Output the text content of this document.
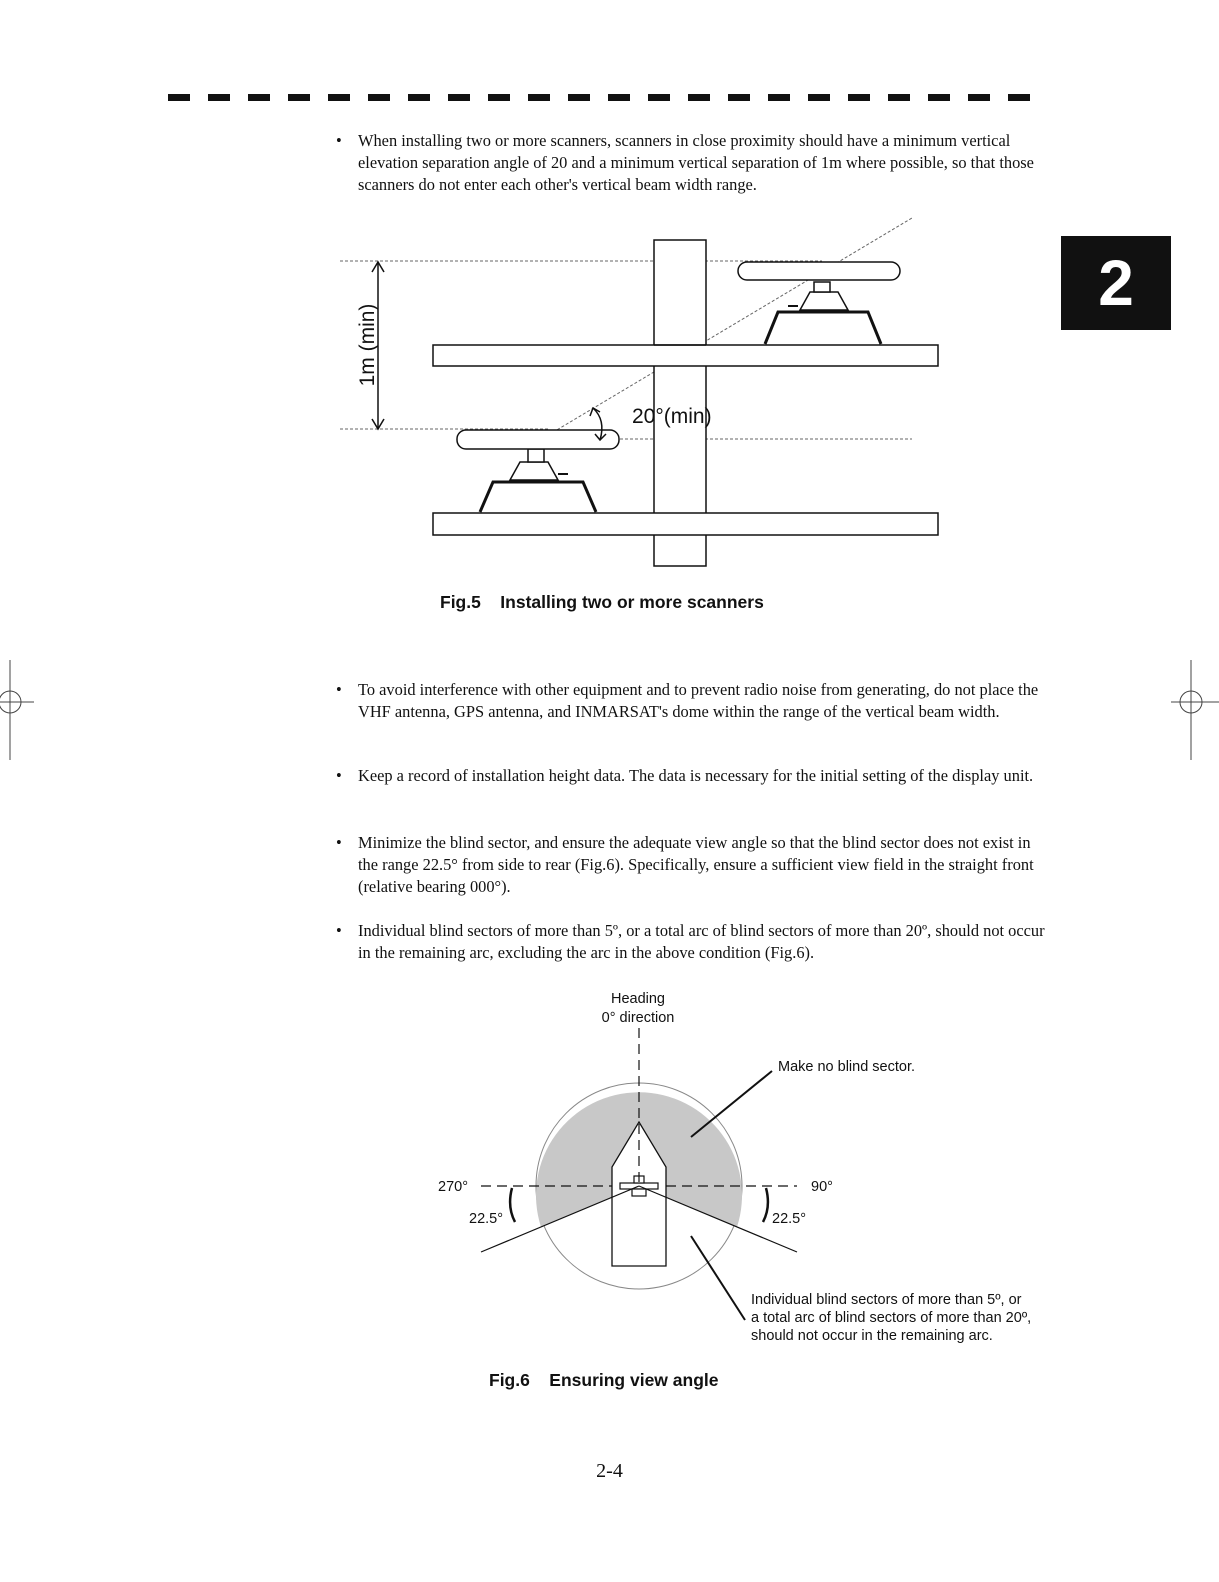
2
• When installing two or more scanners, scanners in close proximity should have a minimum vertical elevation separation angle of 20 and a minimum vertical separation of 1m where possible, so that those scanners do not enter each other's vertical beam width range.
1m (min)
20°(min)
Fig.5    Installing two or more scanners
• To avoid interference with other equipment and to prevent radio noise from generating, do not place the VHF antenna, GPS antenna, and INMARSAT's dome within the range of the vertical beam width.
• Keep a record of installation height data. The data is necessary for the initial setting of the display unit.
• Minimize the blind sector, and ensure the adequate view angle so that the blind sector does not exist in the range 22.5° from side to rear (Fig.6). Specifically, ensure a sufficient view field in the straight front (relative bearing 000°).
• Individual blind sectors of more than 5º, or a total arc of blind sectors of more than 20º, should not occur in the remaining arc, excluding the arc in the above condition (Fig.6).
Heading
0° direction
Make no blind sector.
270°	90°
22.5°	22.5°
Individual blind sectors of more than 5º, or
a total arc of blind sectors of more than 20º,
should not occur in the remaining arc.
Fig.6    Ensuring view angle
2-4
